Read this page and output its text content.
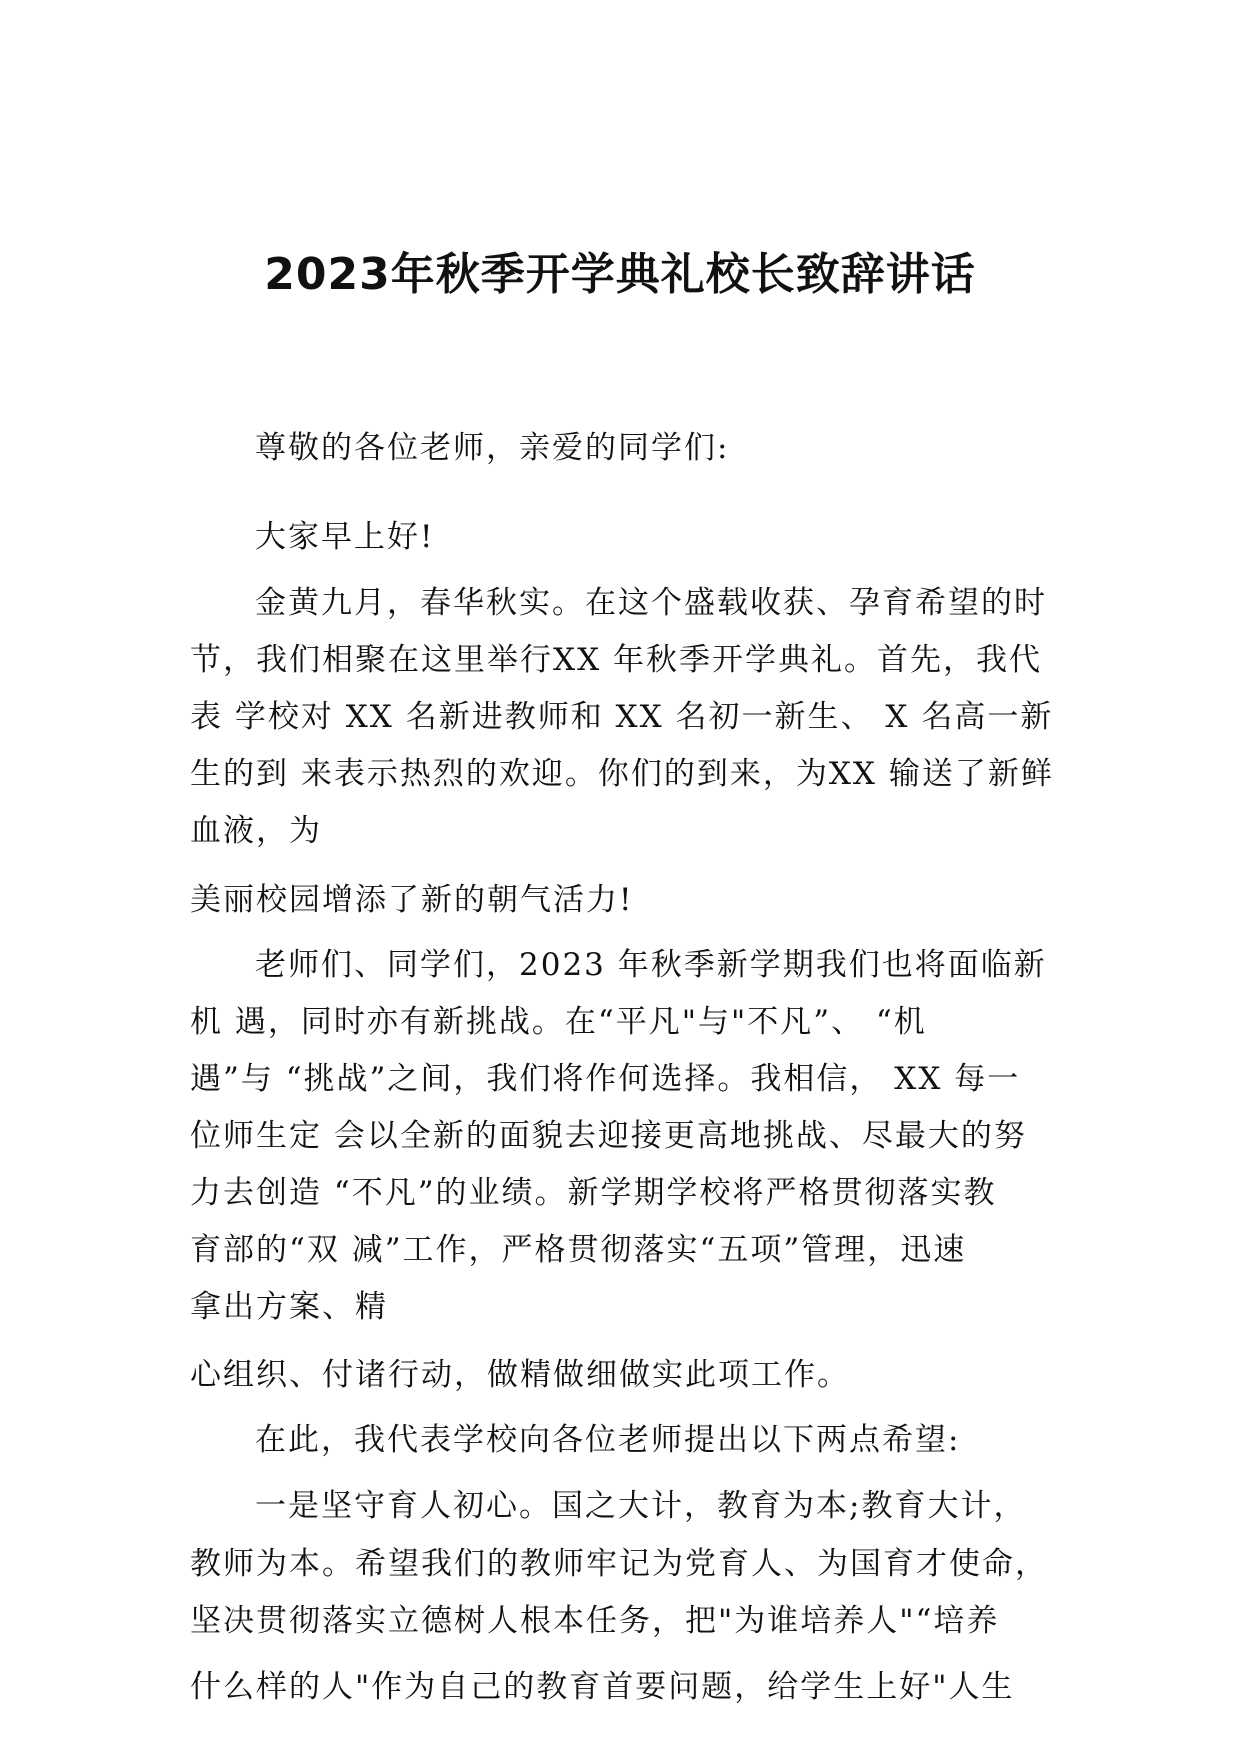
2023年秋季开学典礼校长致辞讲话
尊敬的各位老师，亲爱的同学们:
大家早上好!
金黄九月，春华秋实。在这个盛载收获、孕育希望的时
节，我们相聚在这里举行XX 年秋季开学典礼。首先，我代
表 学校对 XX 名新进教师和 XX 名初一新生、 X 名高一新
生的到 来表示热烈的欢迎。你们的到来，为XX 输送了新鲜
血液，为
美丽校园增添了新的朝气活力!
老师们、同学们，2023 年秋季新学期我们也将面临新
机 遇，同时亦有新挑战。在“平凡"与"不凡”、 “机
遇”与 “挑战”之间，我们将作何选择。我相信， XX 每一
位师生定 会以全新的面貌去迎接更高地挑战、尽最大的努
力去创造 “不凡”的业绩。新学期学校将严格贯彻落实教
育部的“双 减”工作，严格贯彻落实“五项”管理，迅速
拿出方案、精
心组织、付诸行动，做精做细做实此项工作。
在此，我代表学校向各位老师提出以下两点希望:
一是坚守育人初心。国之大计，教育为本;教育大计，
教师为本。希望我们的教师牢记为党育人、为国育才使命，
坚决贯彻落实立德树人根本任务，把"为谁培养人"“培养
什么样的人"作为自己的教育首要问题，给学生上好"人生
